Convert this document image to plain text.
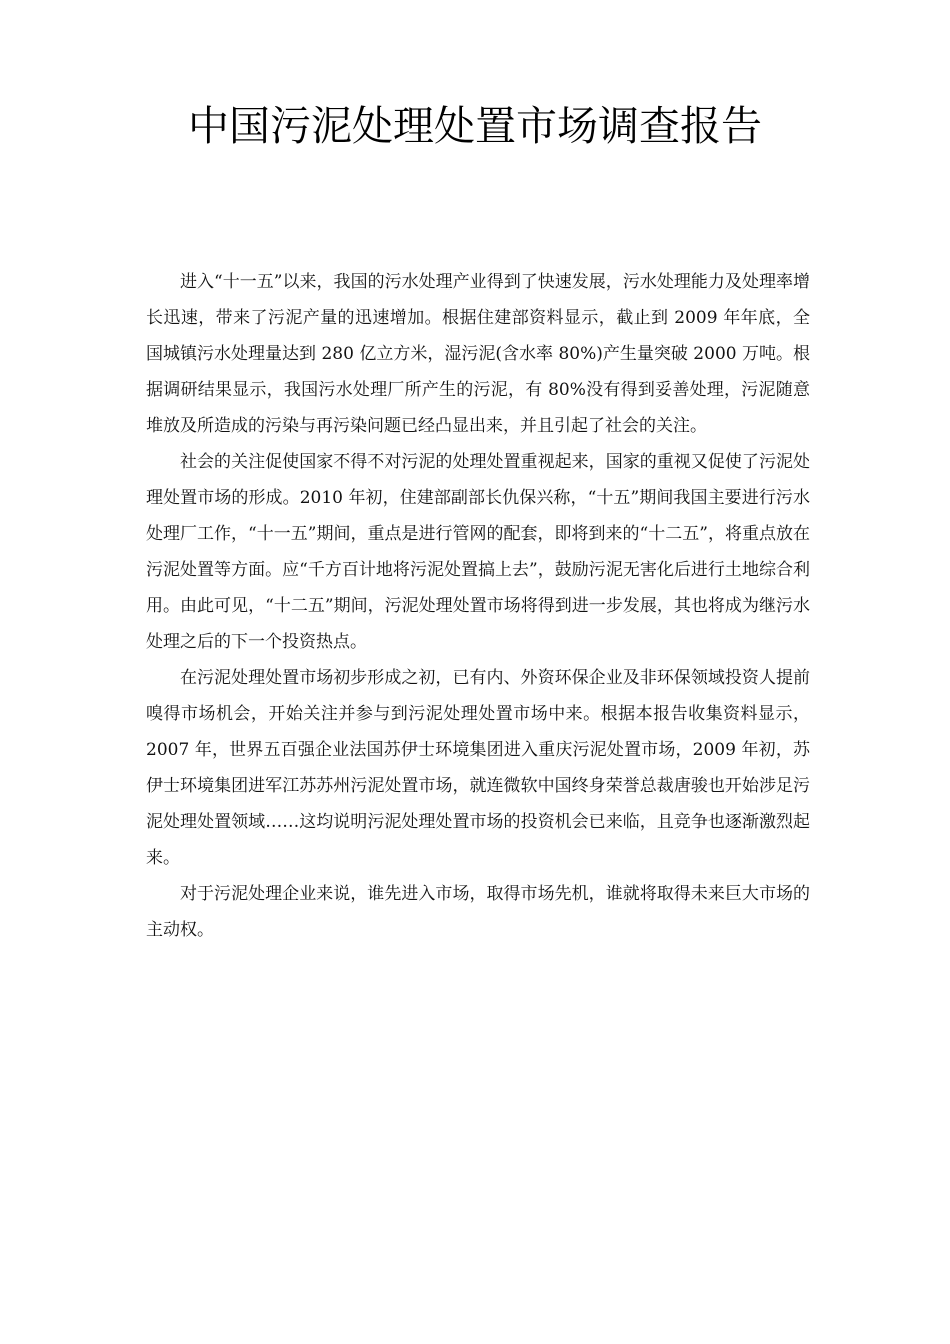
中国污泥处理处置市场调查报告

进入“十一五”以来，我国的污水处理产业得到了快速发展，污水处理能力及处理率增长迅速，带来了污泥产量的迅速增加。根据住建部资料显示，截止到 2009 年年底，全国城镇污水处理量达到 280 亿立方米，湿污泥(含水率 80%)产生量突破 2000 万吨。根据调研结果显示，我国污水处理厂所产生的污泥，有 80%没有得到妥善处理，污泥随意堆放及所造成的污染与再污染问题已经凸显出来，并且引起了社会的关注。

社会的关注促使国家不得不对污泥的处理处置重视起来，国家的重视又促使了污泥处理处置市场的形成。2010 年初，住建部副部长仇保兴称，“十五”期间我国主要进行污水处理厂工作，“十一五”期间，重点是进行管网的配套，即将到来的“十二五”，将重点放在污泥处置等方面。应“千方百计地将污泥处置搞上去”，鼓励污泥无害化后进行土地综合利用。由此可见，“十二五”期间，污泥处理处置市场将得到进一步发展，其也将成为继污水处理之后的下一个投资热点。

在污泥处理处置市场初步形成之初，已有内、外资环保企业及非环保领域投资人提前嗅得市场机会，开始关注并参与到污泥处理处置市场中来。根据本报告收集资料显示，2007 年，世界五百强企业法国苏伊士环境集团进入重庆污泥处置市场，2009 年初，苏伊士环境集团进军江苏苏州污泥处置市场，就连微软中国终身荣誉总裁唐骏也开始涉足污泥处理处置领域……这均说明污泥处理处置市场的投资机会已来临，且竞争也逐渐激烈起来。

对于污泥处理企业来说，谁先进入市场，取得市场先机，谁就将取得未来巨大市场的主动权。
